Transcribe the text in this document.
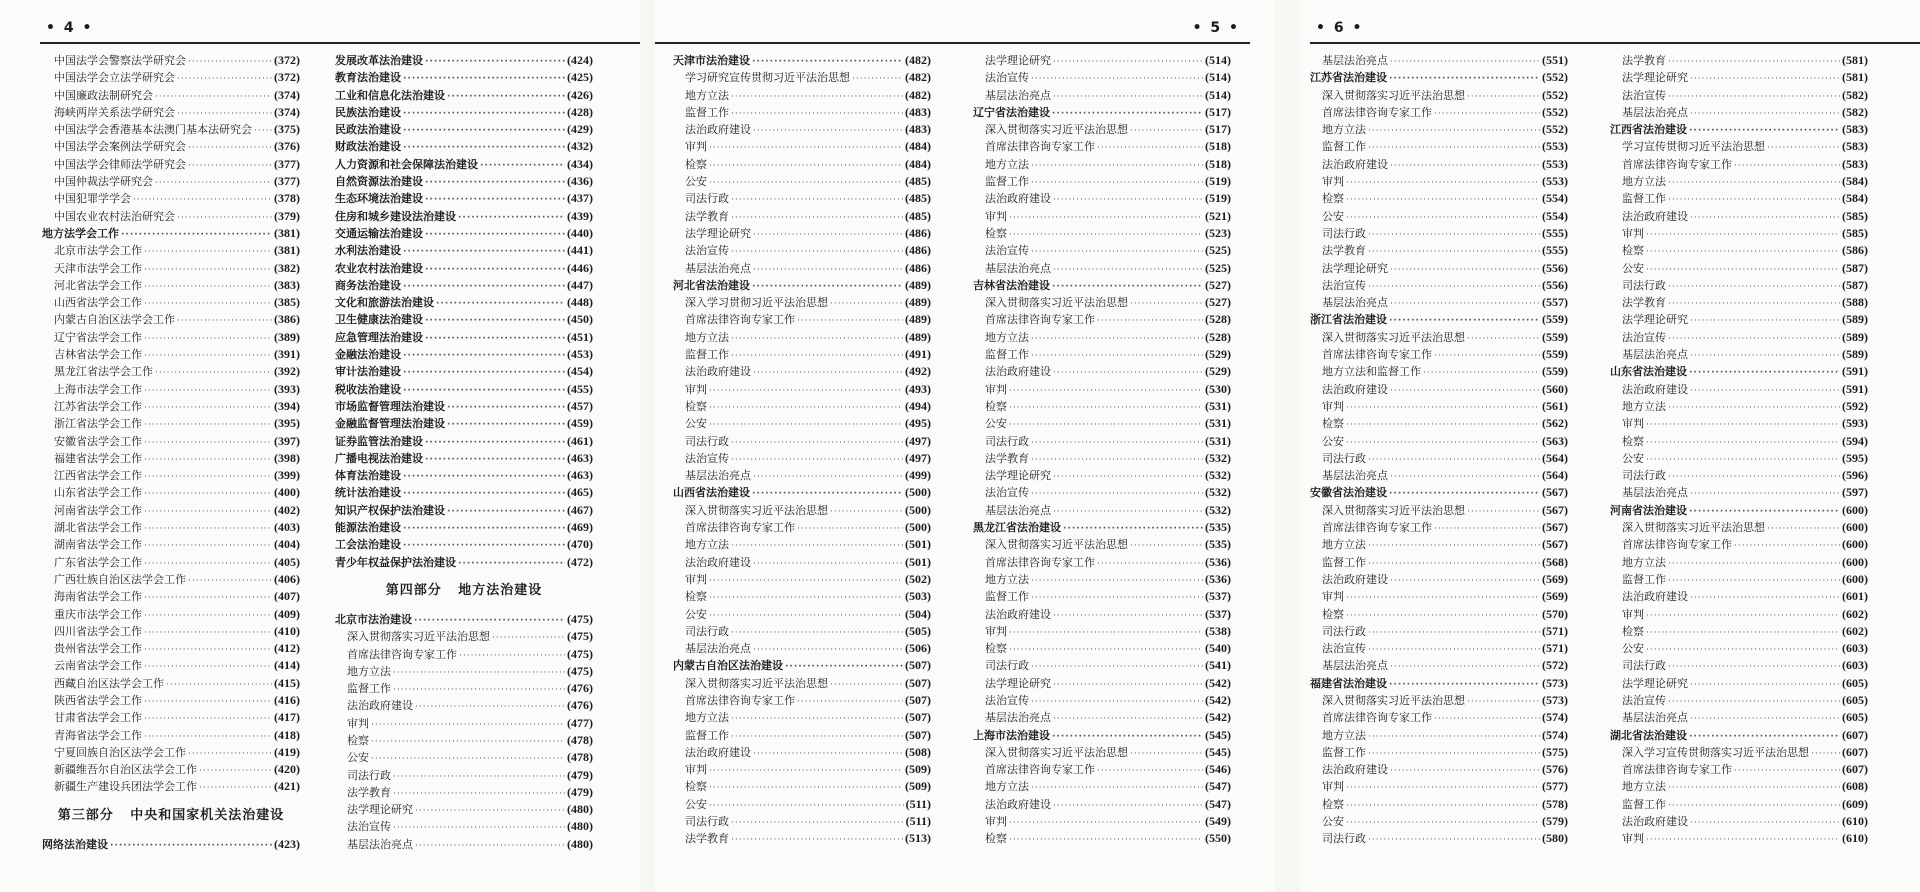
• 4 •
中国法学会警察法学研究会 ·····	(372)
中国法学会立法学研究会 ·····	(372)
中国廉政法制研究会 ·····	(374)
海峡两岸关系法学研究会 ·····	(374)
中国法学会香港基本法澳门基本法研究会 ····· (375)
中国法学会案例法学研究会 ·····	(376)
中国法学会律师法学研究会 ·····	(377)
中国仲裁法学研究会 ·····	(377)
中国犯罪学学会 ·····	(378)
中国农业农村法治研究会 ·····	(379)
地方法学会工作 ·····	(381)
北京市法学会工作 ·····	(381)
天津市法学会工作 ·····	(382)
河北省法学会工作 ·····	(383)
山西省法学会工作 ·····	(385)
内蒙古自治区法学会工作 ·····	(386)
辽宁省法学会工作 ·····	(389)
吉林省法学会工作 ·····	(391)
黑龙江省法学会工作 ·····	(392)
上海市法学会工作 ·····	(393)
江苏省法学会工作 ·····	(394)
浙江省法学会工作 ·····	(395)
安徽省法学会工作 ·····	(397)
福建省法学会工作 ·····	(398)
江西省法学会工作 ·····	(399)
山东省法学会工作 ·····	(400)
河南省法学会工作 ·····	(402)
湖北省法学会工作 ·····	(403)
湖南省法学会工作 ·····	(404)
广东省法学会工作 ·····	(405)
广西壮族自治区法学会工作 ·····	(406)
海南省法学会工作 ·····	(407)
重庆市法学会工作 ·····	(409)
四川省法学会工作 ·····	(410)
贵州省法学会工作 ·····	(412)
云南省法学会工作 ·····	(414)
西藏自治区法学会工作 ·····	(415)
陕西省法学会工作 ·····	(416)
甘肃省法学会工作 ·····	(417)
青海省法学会工作 ·····	(418)
宁夏回族自治区法学会工作 ·····	(419)
新疆维吾尔自治区法学会工作 ·····	(420)
新疆生产建设兵团法学会工作 ·····	(421)
第三部分   中央和国家机关法治建设
网络法治建设 ·····	(423)
发展改革法治建设 ·····	(424)
教育法治建设 ·····	(425)
工业和信息化法治建设 ·····	(426)
民族法治建设 ·····	(428)
民政法治建设 ·····	(429)
财政法治建设 ·····	(432)
人力资源和社会保障法治建设 ·····	(434)
自然资源法治建设 ·····	(436)
生态环境法治建设 ·····	(437)
住房和城乡建设法治建设 ·····	(439)
交通运输法治建设 ·····	(440)
水利法治建设 ·····	(441)
农业农村法治建设 ·····	(446)
商务法治建设 ·····	(447)
文化和旅游法治建设 ·····	(448)
卫生健康法治建设 ·····	(450)
应急管理法治建设 ·····	(451)
金融法治建设 ·····	(453)
审计法治建设 ·····	(454)
税收法治建设 ·····	(455)
市场监督管理法治建设 ·····	(457)
金融监督管理法治建设 ·····	(459)
证券监管法治建设 ·····	(461)
广播电视法治建设 ·····	(463)
体育法治建设 ·····	(463)
统计法治建设 ·····	(465)
知识产权保护法治建设 ·····	(467)
能源法治建设 ·····	(469)
工会法治建设 ·····	(470)
青少年权益保护法治建设 ·····	(472)
第四部分   地方法治建设
北京市法治建设 ·····	(475)
深入贯彻落实习近平法治思想 ·····	(475)
首席法律咨询专家工作 ·····	(475)
地方立法 ·····	(475)
监督工作 ·····	(476)
法治政府建设 ·····	(476)
审判 ·····	(477)
检察 ·····	(478)
公安 ·····	(478)
司法行政 ·····	(479)
法学教育 ·····	(479)
法学理论研究 ·····	(480)
法治宣传 ·····	(480)
基层法治亮点 ·····	(480)
• 5 •
天津市法治建设 ·····	(482)
学习研究宣传贯彻习近平法治思想 ·····	(482)
地方立法 ·····	(482)
监督工作 ·····	(483)
法治政府建设 ·····	(483)
审判 ·····	(484)
检察 ·····	(484)
公安 ·····	(485)
司法行政 ·····	(485)
法学教育 ·····	(485)
法学理论研究 ·····	(486)
法治宣传 ·····	(486)
基层法治亮点 ·····	(486)
河北省法治建设 ·····	(489)
深入学习贯彻习近平法治思想 ·····	(489)
首席法律咨询专家工作 ·····	(489)
地方立法 ·····	(489)
监督工作 ·····	(491)
法治政府建设 ·····	(492)
审判 ·····	(493)
检察 ·····	(494)
公安 ·····	(495)
司法行政 ·····	(497)
法治宣传 ·····	(497)
基层法治亮点 ·····	(499)
山西省法治建设 ·····	(500)
深入贯彻落实习近平法治思想 ·····	(500)
首席法律咨询专家工作 ·····	(500)
地方立法 ·····	(501)
法治政府建设 ·····	(501)
审判 ·····	(502)
检察 ·····	(503)
公安 ·····	(504)
司法行政 ·····	(505)
基层法治亮点 ·····	(506)
内蒙古自治区法治建设 ·····	(507)
深入贯彻落实习近平法治思想 ·····	(507)
首席法律咨询专家工作 ·····	(507)
地方立法 ·····	(507)
监督工作 ·····	(507)
法治政府建设 ·····	(508)
审判 ·····	(509)
检察 ·····	(509)
公安 ·····	(511)
司法行政 ·····	(511)
法学教育 ·····	(513)
法学理论研究 ·····	(514)
法治宣传 ·····	(514)
基层法治亮点 ·····	(514)
辽宁省法治建设 ·····	(517)
深入贯彻落实习近平法治思想 ·····	(517)
首席法律咨询专家工作 ·····	(518)
地方立法 ·····	(518)
监督工作 ·····	(519)
法治政府建设 ·····	(519)
审判 ·····	(521)
检察 ·····	(523)
法治宣传 ·····	(525)
基层法治亮点 ·····	(525)
吉林省法治建设 ·····	(527)
深入贯彻落实习近平法治思想 ·····	(527)
首席法律咨询专家工作 ·····	(528)
地方立法 ·····	(528)
监督工作 ·····	(529)
法治政府建设 ·····	(529)
审判 ·····	(530)
检察 ·····	(531)
公安 ·····	(531)
司法行政 ·····	(531)
法学教育 ·····	(532)
法学理论研究 ·····	(532)
法治宣传 ·····	(532)
基层法治亮点 ·····	(532)
黑龙江省法治建设 ·····	(535)
深入贯彻落实习近平法治思想 ·····	(535)
首席法律咨询专家工作 ·····	(536)
地方立法 ·····	(536)
监督工作 ·····	(537)
法治政府建设 ·····	(537)
审判 ·····	(538)
检察 ·····	(540)
司法行政 ·····	(541)
法学理论研究 ·····	(542)
法治宣传 ·····	(542)
基层法治亮点 ·····	(542)
上海市法治建设 ·····	(545)
深入贯彻落实习近平法治思想 ·····	(545)
首席法律咨询专家工作 ·····	(546)
地方立法 ·····	(547)
法治政府建设 ·····	(547)
审判 ·····	(549)
检察 ·····	(550)
• 6 •
基层法治亮点 ·····	(551)
江苏省法治建设 ·····	(552)
深入贯彻落实习近平法治思想 ·····	(552)
首席法律咨询专家工作 ·····	(552)
地方立法 ·····	(552)
监督工作 ·····	(553)
法治政府建设 ·····	(553)
审判 ·····	(553)
检察 ·····	(554)
公安 ·····	(554)
司法行政 ·····	(555)
法学教育 ·····	(555)
法学理论研究 ·····	(556)
法治宣传 ·····	(556)
基层法治亮点 ·····	(557)
浙江省法治建设 ·····	(559)
深入贯彻落实习近平法治思想 ·····	(559)
首席法律咨询专家工作 ·····	(559)
地方立法和监督工作 ·····	(559)
法治政府建设 ·····	(560)
审判 ·····	(561)
检察 ·····	(562)
公安 ·····	(563)
司法行政 ·····	(564)
基层法治亮点 ·····	(564)
安徽省法治建设 ·····	(567)
深入贯彻落实习近平法治思想 ·····	(567)
首席法律咨询专家工作 ·····	(567)
地方立法 ·····	(567)
监督工作 ·····	(568)
法治政府建设 ·····	(569)
审判 ·····	(569)
检察 ·····	(570)
司法行政 ·····	(571)
法治宣传 ·····	(571)
基层法治亮点 ·····	(572)
福建省法治建设 ·····	(573)
深入贯彻落实习近平法治思想 ·····	(573)
首席法律咨询专家工作 ·····	(574)
地方立法 ·····	(574)
监督工作 ·····	(575)
法治政府建设 ·····	(576)
审判 ·····	(577)
检察 ·····	(578)
公安 ·····	(579)
司法行政 ·····	(580)
法学教育 ·····	(581)
法学理论研究 ·····	(581)
法治宣传 ·····	(582)
基层法治亮点 ·····	(582)
江西省法治建设 ·····	(583)
学习宣传贯彻习近平法治思想 ·····	(583)
首席法律咨询专家工作 ·····	(583)
地方立法 ·····	(584)
监督工作 ·····	(584)
法治政府建设 ·····	(585)
审判 ·····	(585)
检察 ·····	(586)
公安 ·····	(587)
司法行政 ·····	(587)
法学教育 ·····	(588)
法学理论研究 ·····	(589)
法治宣传 ·····	(589)
基层法治亮点 ·····	(589)
山东省法治建设 ·····	(591)
法治政府建设 ·····	(591)
地方立法 ·····	(592)
审判 ·····	(593)
检察 ·····	(594)
公安 ·····	(595)
司法行政 ·····	(596)
基层法治亮点 ·····	(597)
河南省法治建设 ·····	(600)
深入贯彻落实习近平法治思想 ·····	(600)
首席法律咨询专家工作 ·····	(600)
地方立法 ·····	(600)
监督工作 ·····	(600)
法治政府建设 ·····	(601)
审判 ·····	(602)
检察 ·····	(602)
公安 ·····	(603)
司法行政 ·····	(603)
法学理论研究 ·····	(605)
法治宣传 ·····	(605)
基层法治亮点 ·····	(605)
湖北省法治建设 ·····	(607)
深入学习宣传贯彻落实习近平法治思想 ·····	(607)
首席法律咨询专家工作 ·····	(607)
地方立法 ·····	(608)
监督工作 ·····	(609)
法治政府建设 ·····	(610)
审判 ·····	(610)
